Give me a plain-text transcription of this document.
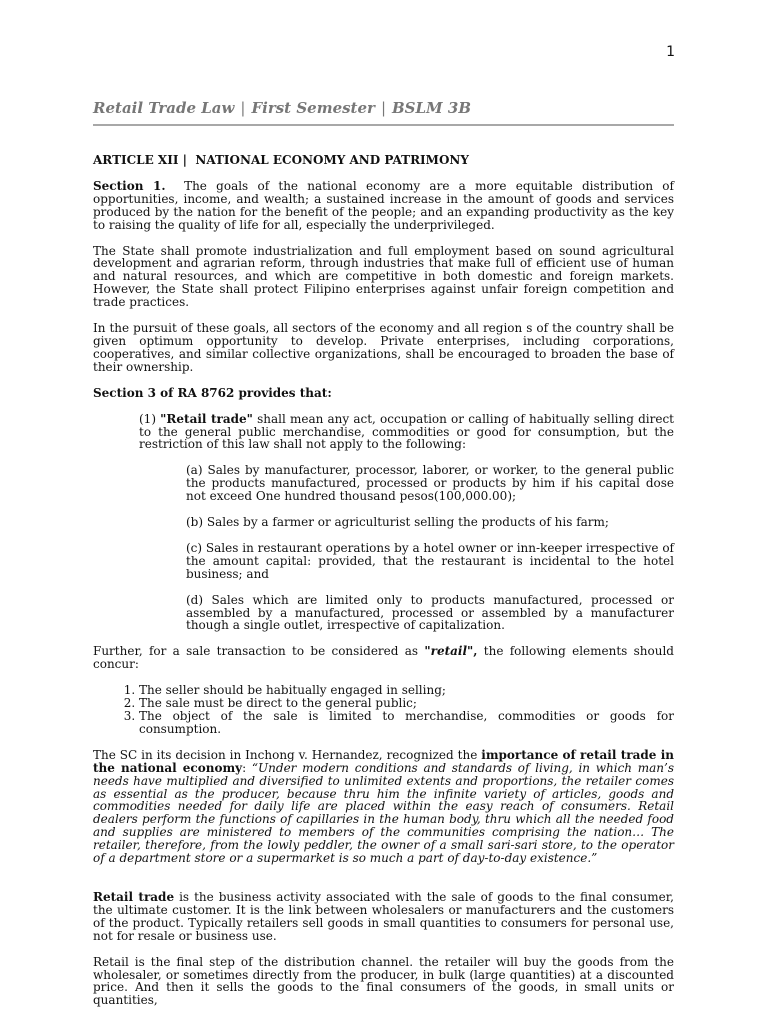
1
Retail Trade Law | First Semester | BSLM 3B

ARTICLE XII |  NATIONAL ECONOMY AND PATRIMONY

Section 1. The goals of the national economy are a more equitable distribution of opportunities, income, and wealth; a sustained increase in the amount of goods and services produced by the nation for the benefit of the people; and an expanding productivity as the key to raising the quality of life for all, especially the underprivileged.

The State shall promote industrialization and full employment based on sound agricultural development and agrarian reform, through industries that make full of efficient use of human and natural resources, and which are competitive in both domestic and foreign markets. However, the State shall protect Filipino enterprises against unfair foreign competition and trade practices.

In the pursuit of these goals, all sectors of the economy and all region s of the country shall be given optimum opportunity to develop. Private enterprises, including corporations, cooperatives, and similar collective organizations, shall be encouraged to broaden the base of their ownership.

Section 3 of RA 8762 provides that:

(1) "Retail trade" shall mean any act, occupation or calling of habitually selling direct to the general public merchandise, commodities or good for consumption, but the restriction of this law shall not apply to the following:

(a) Sales by manufacturer, processor, laborer, or worker, to the general public the products manufactured, processed or products by him if his capital dose not exceed One hundred thousand pesos(100,000.00);

(b) Sales by a farmer or agriculturist selling the products of his farm;

(c) Sales in restaurant operations by a hotel owner or inn-keeper irrespective of the amount capital: provided, that the restaurant is incidental to the hotel business; and

(d) Sales which are limited only to products manufactured, processed or assembled by a manufactured, processed or assembled by a manufacturer though a single outlet, irrespective of capitalization.

Further, for a sale transaction to be considered as "retail", the following elements should concur:

1. The seller should be habitually engaged in selling;
2. The sale must be direct to the general public;
3. The object of the sale is limited to merchandise, commodities or goods for consumption.

The SC in its decision in Inchong v. Hernandez, recognized the importance of retail trade in the national economy: “Under modern conditions and standards of living, in which man’s needs have multiplied and diversified to unlimited extents and proportions, the retailer comes as essential as the producer, because thru him the infinite variety of articles, goods and commodities needed for daily life are placed within the easy reach of consumers. Retail dealers perform the functions of capillaries in the human body, thru which all the needed food and supplies are ministered to members of the communities comprising the nation… The retailer, therefore, from the lowly peddler, the owner of a small sari-sari store, to the operator of a department store or a supermarket is so much a part of day-to-day existence.”

Retail trade is the business activity associated with the sale of goods to the final consumer, the ultimate customer. It is the link between wholesalers or manufacturers and the customers of the product. Typically retailers sell goods in small quantities to consumers for personal use, not for resale or business use.

Retail is the final step of the distribution channel. the retailer will buy the goods from the wholesaler, or sometimes directly from the producer, in bulk (large quantities) at a discounted price. And then it sells the goods to the final consumers of the goods, in small units or quantities,
